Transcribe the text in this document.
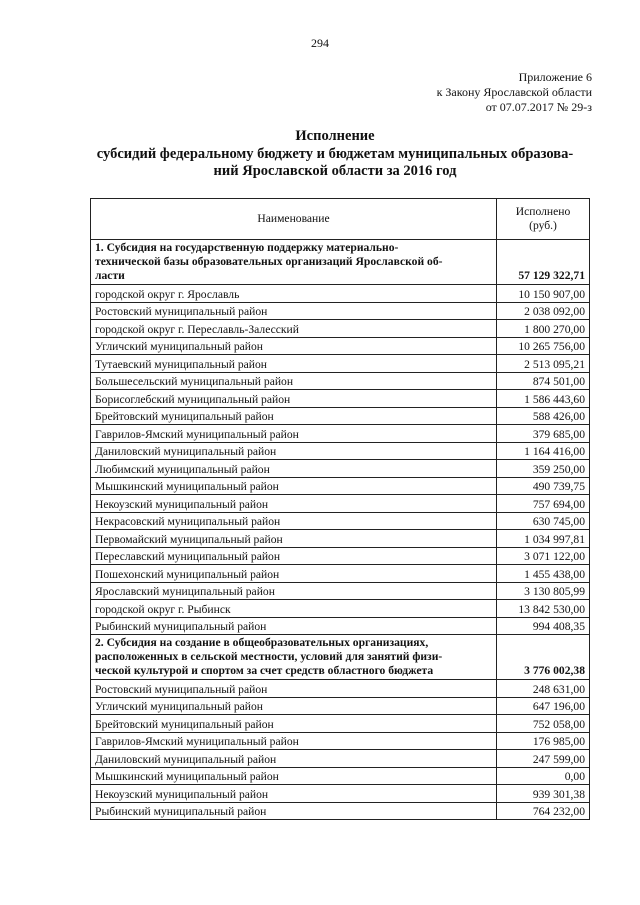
294
Приложение 6
к Закону Ярославской области
от 07.07.2017 № 29-з
Исполнение
субсидий федеральному бюджету и бюджетам муниципальных образова-
ний Ярославской области за 2016 год
Наименование	Исполнено
(руб.)

1. Субсидия на государственную поддержку материально-
технической базы образовательных организаций Ярославской об-
ласти	57 129 322,71
городской округ г. Ярославль	10 150 907,00
Ростовский муниципальный район	2 038 092,00
городской округ г. Переславль-Залесский	1 800 270,00
Угличский муниципальный район	10 265 756,00
Тутаевский муниципальный район	2 513 095,21
Большесельский муниципальный район	874 501,00
Борисоглебский муниципальный район	1 586 443,60
Брейтовский муниципальный район	588 426,00
Гаврилов-Ямский муниципальный район	379 685,00
Даниловский муниципальный район	1 164 416,00
Любимский муниципальный район	359 250,00
Мышкинский муниципальный район	490 739,75
Некоузский муниципальный район	757 694,00
Некрасовский муниципальный район	630 745,00
Первомайский муниципальный район	1 034 997,81
Переславский муниципальный район	3 071 122,00
Пошехонский муниципальный район	1 455 438,00
Ярославский муниципальный район	3 130 805,99
городской округ г. Рыбинск	13 842 530,00
Рыбинский муниципальный район	994 408,35

2. Субсидия на создание в общеобразовательных организациях,
расположенных в сельской местности, условий для занятий физи-
ческой культурой и спортом за счет средств областного бюджета	3 776 002,38
Ростовский муниципальный район	248 631,00
Угличский муниципальный район	647 196,00
Брейтовский муниципальный район	752 058,00
Гаврилов-Ямский муниципальный район	176 985,00
Даниловский муниципальный район	247 599,00
Мышкинский муниципальный район	0,00
Некоузский муниципальный район	939 301,38
Рыбинский муниципальный район	764 232,00
